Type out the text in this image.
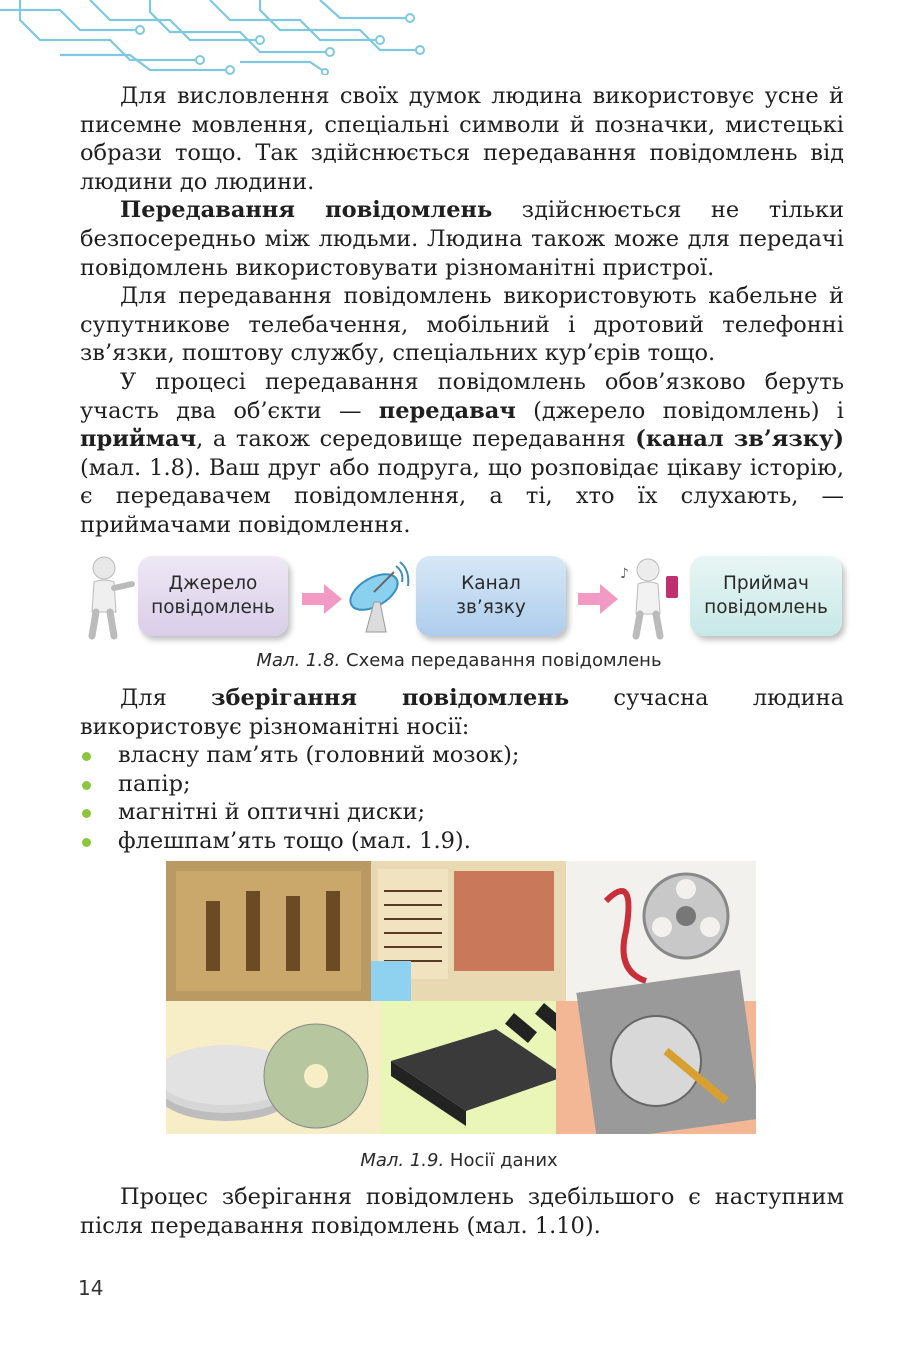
Для висловлення своїх думок людина використовує усне й писемне мовлення, спеціальні символи й позначки, мистецькі образи тощо. Так здійснюється передавання повідомлень від людини до людини.

Передавання повідомлень здійснюється не тільки безпосередньо між людьми. Людина також може для передачі повідомлень використовувати різноманітні пристрої.

Для передавання повідомлень використовують кабельне й супутникове телебачення, мобільний і дротовий телефонні зв’язки, поштову службу, спеціальних кур’єрів тощо.

У процесі передавання повідомлень обов’язково беруть участь два об’єкти — передавач (джерело повідомлень) і приймач, а також середовище передавання (канал зв’язку) (мал. 1.8). Ваш друг або подруга, що розповідає цікаву історію, є передавачем повідомлення, а ті, хто їх слухають, — приймачами повідомлення.

Джерело
повідомлень
Канал
зв’язку
♪	Приймач
повідомлень
Мал. 1.8. Схема передавання повідомлень

Для зберігання повідомлень сучасна людина використовує різноманітні носії:

власну пам’ять (головний мозок);
папір;
магнітні й оптичні диски;
флешпам’ять тощо (мал. 1.9).
Мал. 1.9. Носії даних

Процес зберігання повідомлень здебільшого є наступним після передавання повідомлень (мал. 1.10).

14
